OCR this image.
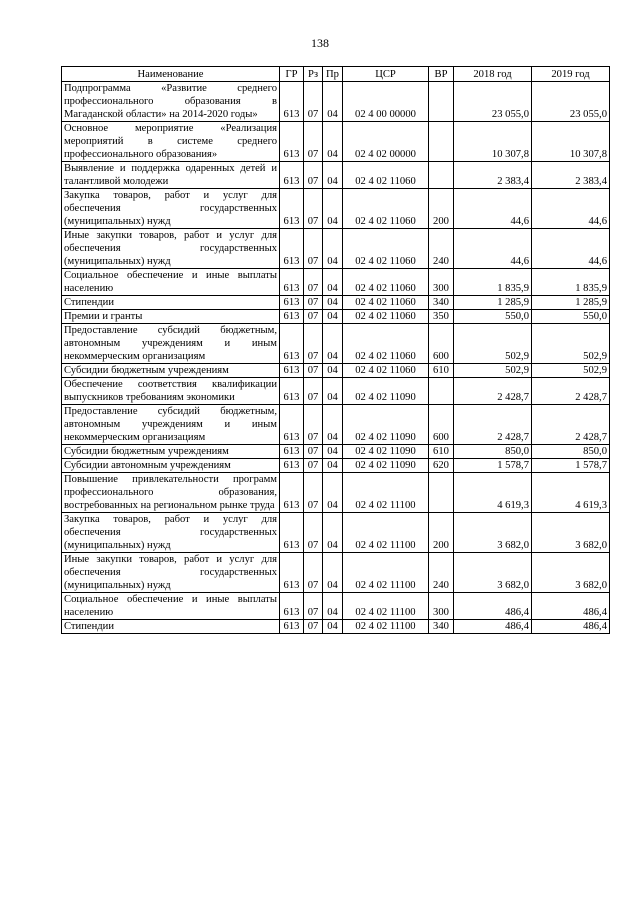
138
Наименование	ГР	Рз	Пр	ЦСР	ВР	2018 год	2019 год
Подпрограмма «Развитие среднего профессионального образования в Магаданской области» на 2014-2020 годы»	613	07	04	02 4 00 00000		23 055,0	23 055,0
Основное мероприятие «Реализация мероприятий в системе среднего профессионального образования»	613	07	04	02 4 02 00000		10 307,8	10 307,8
Выявление и поддержка одаренных детей и талантливой молодежи	613	07	04	02 4 02 11060		2 383,4	2 383,4
Закупка товаров, работ и услуг для обеспечения государственных (муниципальных) нужд	613	07	04	02 4 02 11060	200	44,6	44,6
Иные закупки товаров, работ и услуг для обеспечения государственных (муниципальных) нужд	613	07	04	02 4 02 11060	240	44,6	44,6
Социальное обеспечение и иные выплаты населению	613	07	04	02 4 02 11060	300	1 835,9	1 835,9
Стипендии	613	07	04	02 4 02 11060	340	1 285,9	1 285,9
Премии и гранты	613	07	04	02 4 02 11060	350	550,0	550,0
Предоставление субсидий бюджетным, автономным учреждениям и иным некоммерческим организациям	613	07	04	02 4 02 11060	600	502,9	502,9
Субсидии бюджетным учреждениям	613	07	04	02 4 02 11060	610	502,9	502,9
Обеспечение соответствия квалификации выпускников требованиям экономики	613	07	04	02 4 02 11090		2 428,7	2 428,7
Предоставление субсидий бюджетным, автономным учреждениям и иным некоммерческим организациям	613	07	04	02 4 02 11090	600	2 428,7	2 428,7
Субсидии бюджетным учреждениям	613	07	04	02 4 02 11090	610	850,0	850,0
Субсидии автономным учреждениям	613	07	04	02 4 02 11090	620	1 578,7	1 578,7
Повышение привлекательности программ профессионального образования, востребованных на региональном рынке труда	613	07	04	02 4 02 11100		4 619,3	4 619,3
Закупка товаров, работ и услуг для обеспечения государственных (муниципальных) нужд	613	07	04	02 4 02 11100	200	3 682,0	3 682,0
Иные закупки товаров, работ и услуг для обеспечения государственных (муниципальных) нужд	613	07	04	02 4 02 11100	240	3 682,0	3 682,0
Социальное обеспечение и иные выплаты населению	613	07	04	02 4 02 11100	300	486,4	486,4
Стипендии	613	07	04	02 4 02 11100	340	486,4	486,4
